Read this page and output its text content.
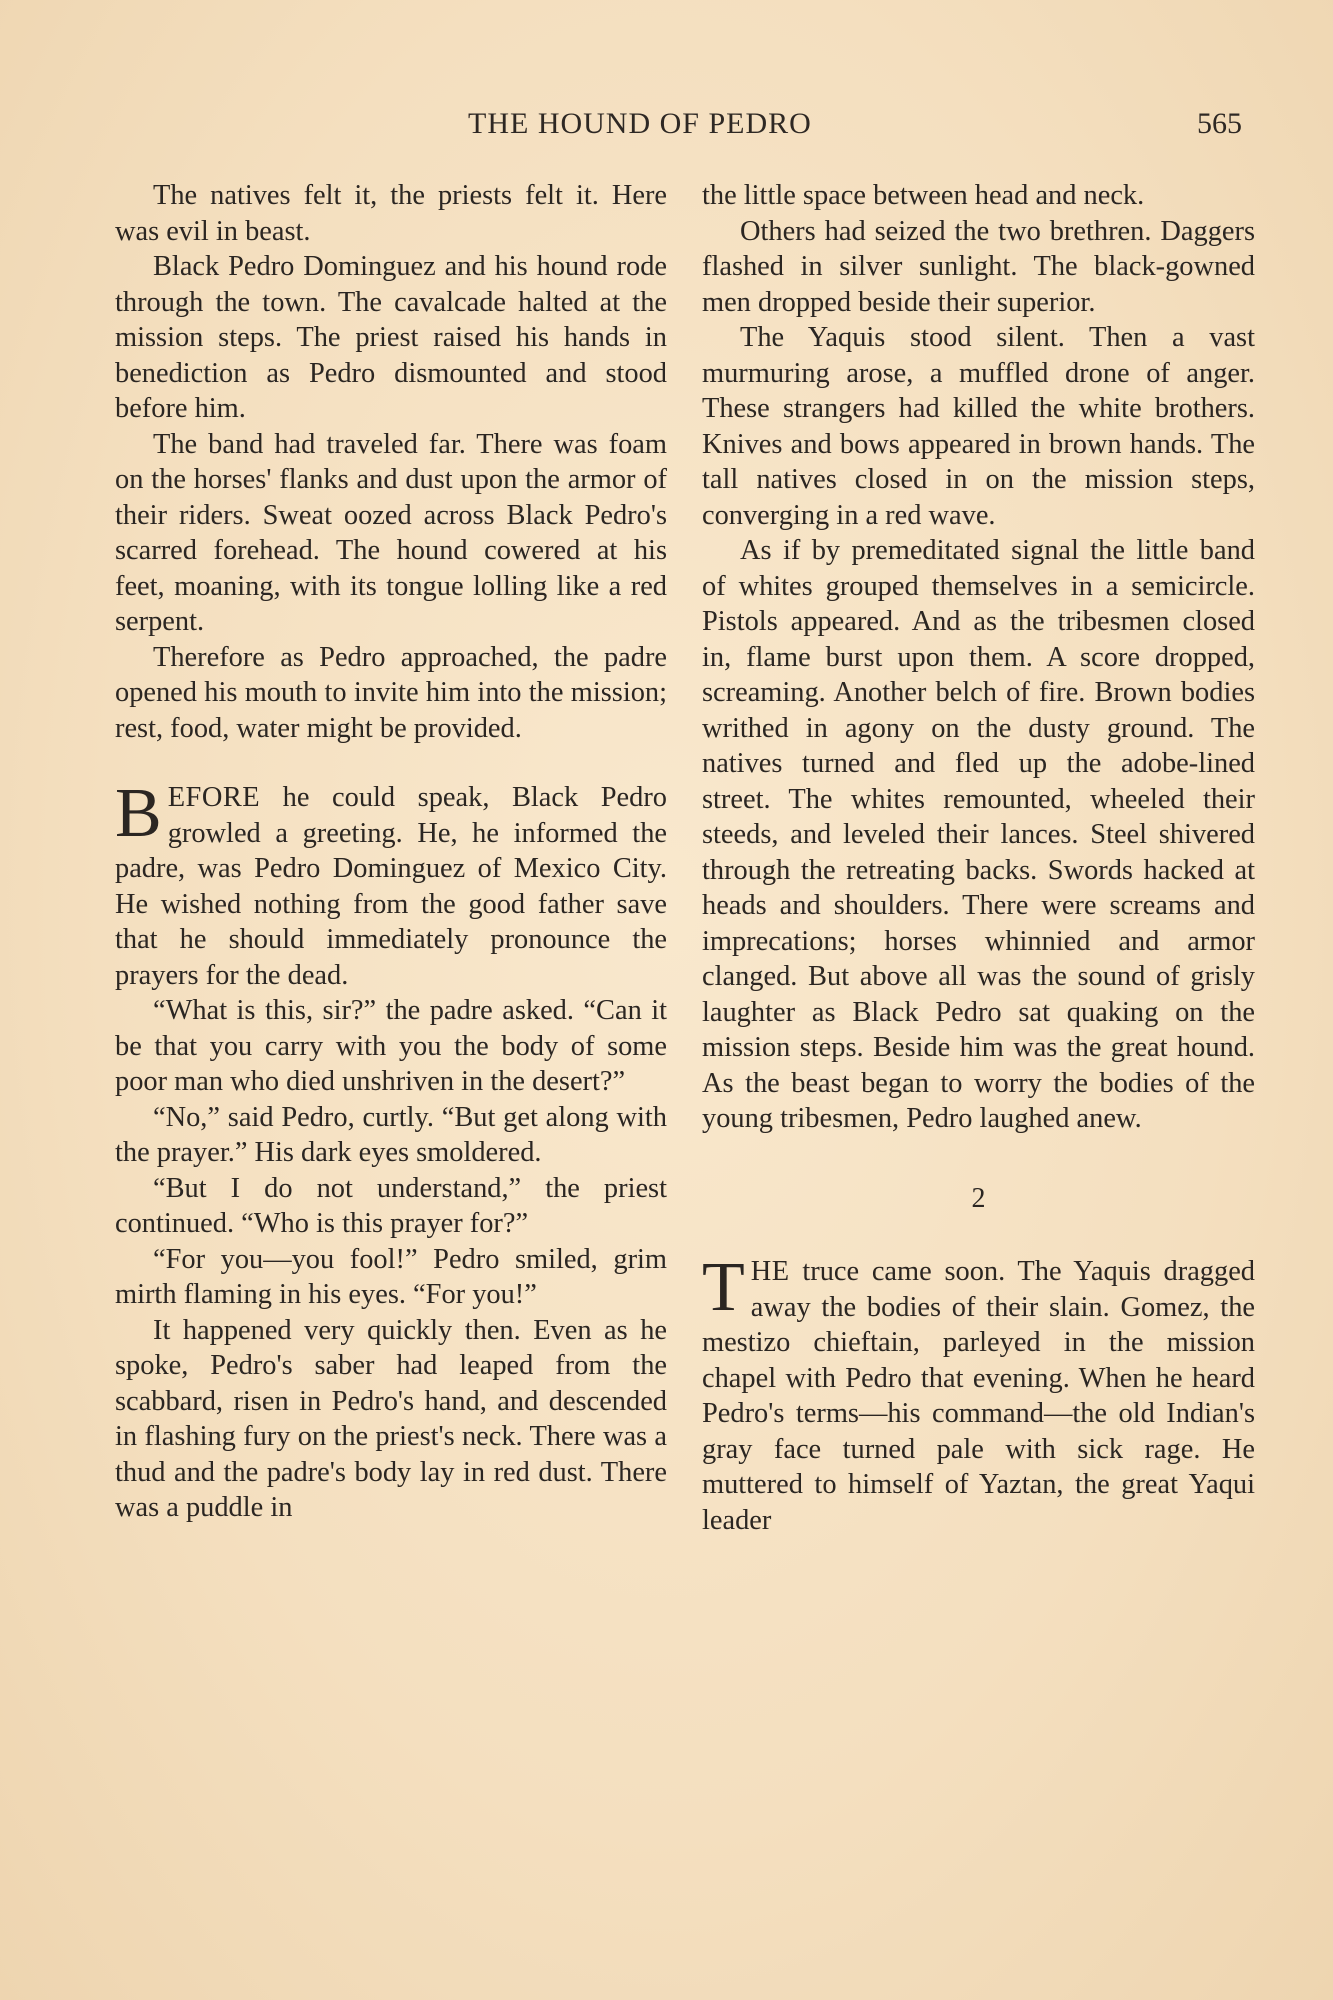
THE HOUND OF PEDRO	565

The natives felt it, the priests felt it. Here was evil in beast.

Black Pedro Dominguez and his hound rode through the town. The cavalcade halted at the mission steps. The priest raised his hands in benediction as Pedro dismounted and stood before him.

The band had traveled far. There was foam on the horses' flanks and dust upon the armor of their riders. Sweat oozed across Black Pedro's scarred forehead. The hound cowered at his feet, moaning, with its tongue lolling like a red serpent.

Therefore as Pedro approached, the padre opened his mouth to invite him into the mission; rest, food, water might be provided.

BEFORE he could speak, Black Pedro growled a greeting. He, he informed the padre, was Pedro Dominguez of Mexico City. He wished nothing from the good father save that he should immediately pronounce the prayers for the dead.

“What is this, sir?” the padre asked. “Can it be that you carry with you the body of some poor man who died unshriven in the desert?”

“No,” said Pedro, curtly. “But get along with the prayer.” His dark eyes smoldered.

“But I do not understand,” the priest continued. “Who is this prayer for?”

“For you—you fool!” Pedro smiled, grim mirth flaming in his eyes. “For you!”

It happened very quickly then. Even as he spoke, Pedro's saber had leaped from the scabbard, risen in Pedro's hand, and descended in flashing fury on the priest's neck. There was a thud and the padre's body lay in red dust. There was a puddle in

the little space between head and neck.

Others had seized the two brethren. Daggers flashed in silver sunlight. The black-gowned men dropped beside their superior.

The Yaquis stood silent. Then a vast murmuring arose, a muffled drone of anger. These strangers had killed the white brothers. Knives and bows appeared in brown hands. The tall natives closed in on the mission steps, converging in a red wave.

As if by premeditated signal the little band of whites grouped themselves in a semicircle. Pistols appeared. And as the tribesmen closed in, flame burst upon them. A score dropped, screaming. Another belch of fire. Brown bodies writhed in agony on the dusty ground. The natives turned and fled up the adobe-lined street. The whites remounted, wheeled their steeds, and leveled their lances. Steel shivered through the retreating backs. Swords hacked at heads and shoulders. There were screams and imprecations; horses whinnied and armor clanged. But above all was the sound of grisly laughter as Black Pedro sat quaking on the mission steps. Beside him was the great hound. As the beast began to worry the bodies of the young tribesmen, Pedro laughed anew.

2

THE truce came soon. The Yaquis dragged away the bodies of their slain. Gomez, the mestizo chieftain, parleyed in the mission chapel with Pedro that evening. When he heard Pedro's terms—his command—the old Indian's gray face turned pale with sick rage. He muttered to himself of Yaztan, the great Yaqui leader
